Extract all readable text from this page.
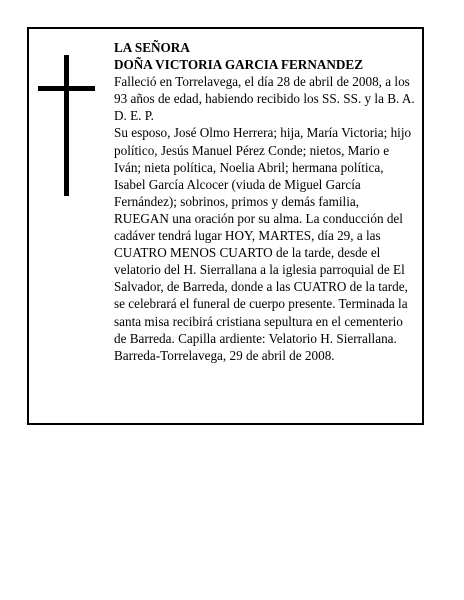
LA SEÑORA
DOÑA VICTORIA GARCIA FERNANDEZ
Falleció en Torrelavega, el día 28 de abril de 2008, a los 93 años de edad, habiendo recibido los SS. SS. y la B. A.
D. E. P.
Su esposo, José Olmo Herrera; hija, María Victoria; hijo político, Jesús Manuel Pérez Conde; nietos, Mario e Iván; nieta política, Noelia Abril; hermana política, Isabel García Alcocer (viuda de Miguel García Fernández); sobrinos, primos y demás familia, RUEGAN una oración por su alma. La conducción del cadáver tendrá lugar HOY, MARTES, día 29, a las CUATRO MENOS CUARTO de la tarde, desde el velatorio del H. Sierrallana a la iglesia parroquial de El Salvador, de Barreda, donde a las CUATRO de la tarde, se celebrará el funeral de cuerpo presente. Terminada la santa misa recibirá cristiana sepultura en el cementerio de Barreda. Capilla ardiente: Velatorio H. Sierrallana.
Barreda-Torrelavega, 29 de abril de 2008.
